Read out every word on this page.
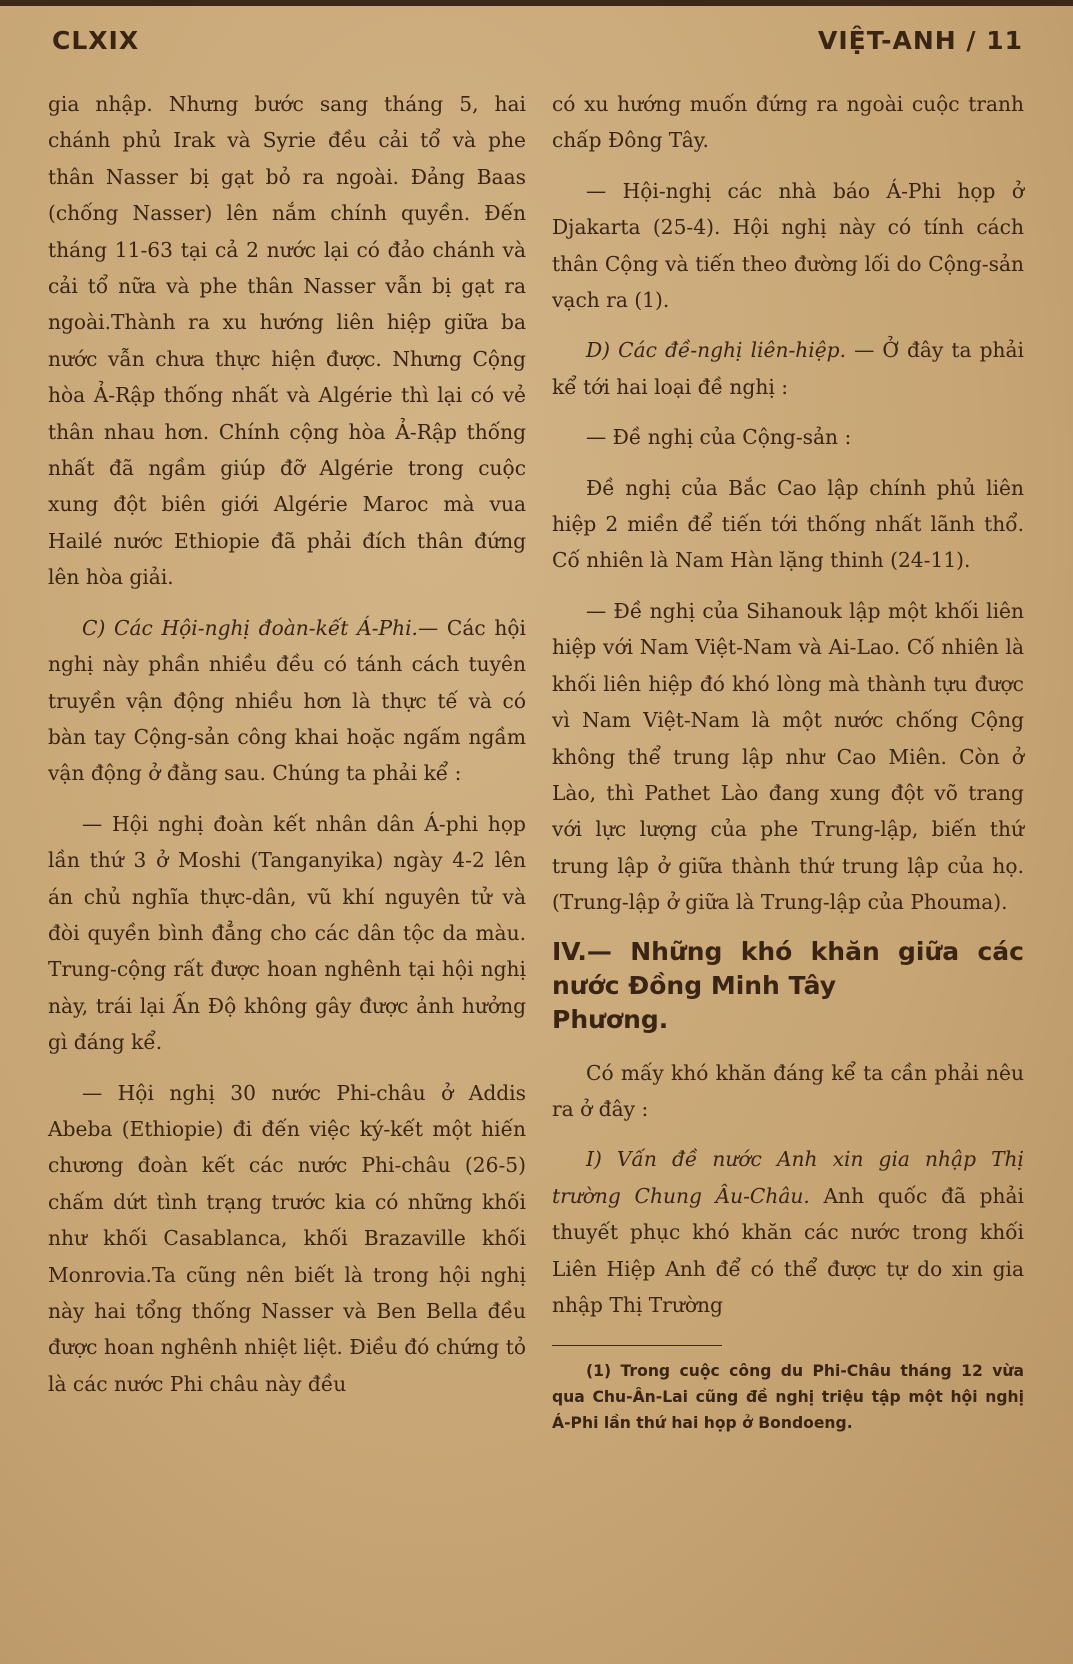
CLXIX	VIỆT-ANH / 11

gia nhập. Nhưng bước sang tháng 5, hai chánh phủ Irak và Syrie đều cải tổ và phe thân Nasser bị gạt bỏ ra ngoài. Đảng Baas (chống Nasser) lên nắm chính quyền. Đến tháng 11-63 tại cả 2 nước lại có đảo chánh và cải tổ nữa và phe thân Nasser vẫn bị gạt ra ngoài.Thành ra xu hướng liên hiệp giữa ba nước vẫn chưa thực hiện được. Nhưng Cộng hòa Ả-Rập thống nhất và Algérie thì lại có vẻ thân nhau hơn. Chính cộng hòa Ả-Rập thống nhất đã ngầm giúp đỡ Algérie trong cuộc xung đột biên giới Algérie Maroc mà vua Hailé nước Ethiopie đã phải đích thân đứng lên hòa giải.

C) Các Hội-nghị đoàn-kết Á-Phi.— Các hội nghị này phần nhiều đều có tánh cách tuyên truyền vận động nhiều hơn là thực tế và có bàn tay Cộng-sản công khai hoặc ngấm ngầm vận động ở đằng sau. Chúng ta phải kể :

— Hội nghị đoàn kết nhân dân Á-phi họp lần thứ 3 ở Moshi (Tanganyika) ngày 4-2 lên án chủ nghĩa thực-dân, vũ khí nguyên tử và đòi quyền bình đẳng cho các dân tộc da màu. Trung-cộng rất được hoan nghênh tại hội nghị này, trái lại Ấn Độ không gây được ảnh hưởng gì đáng kể.

— Hội nghị 30 nước Phi-châu ở Addis Abeba (Ethiopie) đi đến việc ký-kết một hiến chương đoàn kết các nước Phi-châu (26-5) chấm dứt tình trạng trước kia có những khối như khối Casablanca, khối Brazaville khối Monrovia.Ta cũng nên biết là trong hội nghị này hai tổng thống Nasser và Ben Bella đều được hoan nghênh nhiệt liệt. Điều đó chứng tỏ là các nước Phi châu này đều

có xu hướng muốn đứng ra ngoài cuộc tranh chấp Đông Tây.

— Hội-nghị các nhà báo Á-Phi họp ở Djakarta (25-4). Hội nghị này có tính cách thân Cộng và tiến theo đường lối do Cộng-sản vạch ra (1).

D) Các đề-nghị liên-hiệp. — Ở đây ta phải kể tới hai loại đề nghị :

— Đề nghị của Cộng-sản :

Đề nghị của Bắc Cao lập chính phủ liên hiệp 2 miền để tiến tới thống nhất lãnh thổ. Cố nhiên là Nam Hàn lặng thinh (24-11).

— Đề nghị của Sihanouk lập một khối liên hiệp với Nam Việt-Nam và Ai-Lao. Cố nhiên là khối liên hiệp đó khó lòng mà thành tựu được vì Nam Việt-Nam là một nước chống Cộng không thể trung lập như Cao Miên. Còn ở Lào, thì Pathet Lào đang xung đột võ trang với lực lượng của phe Trung-lập, biến thứ trung lập ở giữa thành thứ trung lập của họ. (Trung-lập ở giữa là Trung-lập của Phouma).

IV.— Những khó khăn giữa các nước Đồng Minh Tây
Phương.

Có mấy khó khăn đáng kể ta cần phải nêu ra ở đây :

I) Vấn đề nước Anh xin gia nhập Thị trường Chung Âu-Châu. Anh quốc đã phải thuyết phục khó khăn các nước trong khối Liên Hiệp Anh để có thể được tự do xin gia nhập Thị Trường

(1) Trong cuộc công du Phi-Châu tháng 12 vừa qua Chu-Ân-Lai cũng đề nghị triệu tập một hội nghị Á-Phi lần thứ hai họp ở Bondoeng.
